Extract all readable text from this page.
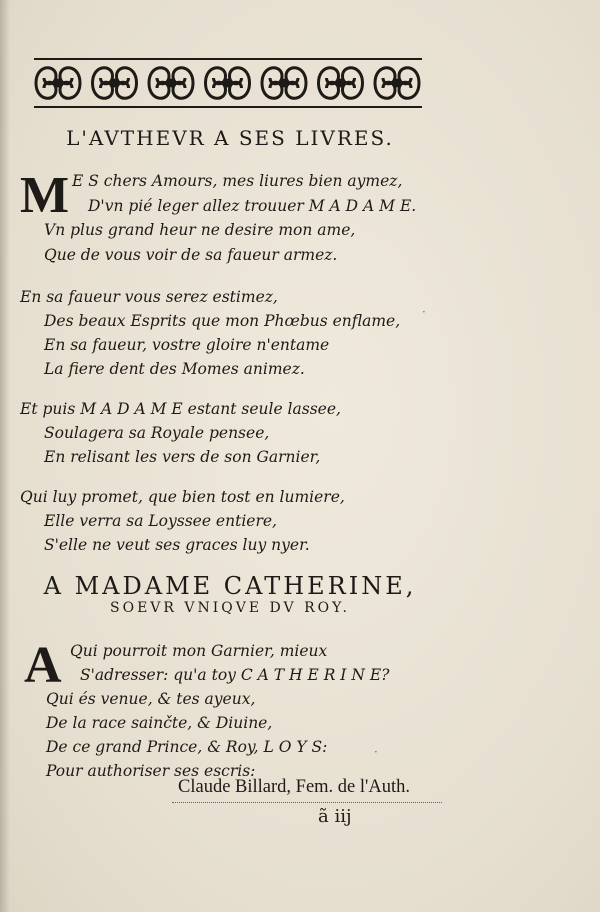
L'AVTHEVR A SES LIVRES.
M E S chers Amours, mes liures bien aymez,
D'vn pié leger allez trouuer M A D A M E.
Vn plus grand heur ne desire mon ame,
Que de vous voir de sa faueur armez.
En sa faueur vous serez estimez,
Des beaux Esprits que mon Phœbus enflame,
En sa faueur, vostre gloire n'entame
La fiere dent des Momes animez.
Et puis M A D A M E estant seule lassee,
Soulagera sa Royale pensee,
En relisant les vers de son Garnier,
Qui luy promet, que bien tost en lumiere,
Elle verra sa Loyssee entiere,
S'elle ne veut ses graces luy nyer.
A MADAME CATHERINE,
SOEVR VNIQVE DV ROY.
A Qui pourroit mon Garnier, mieux
S'adresser: qu'a toy C A T H E R I N E?
Qui és venue, & tes ayeux,
De la race sainčte, & Diuine,
De ce grand Prince, & Roy, L O Y S:
Pour authoriser ses escris:
Claude Billard, Fem. de l'Auth.
ã iij
·
·
